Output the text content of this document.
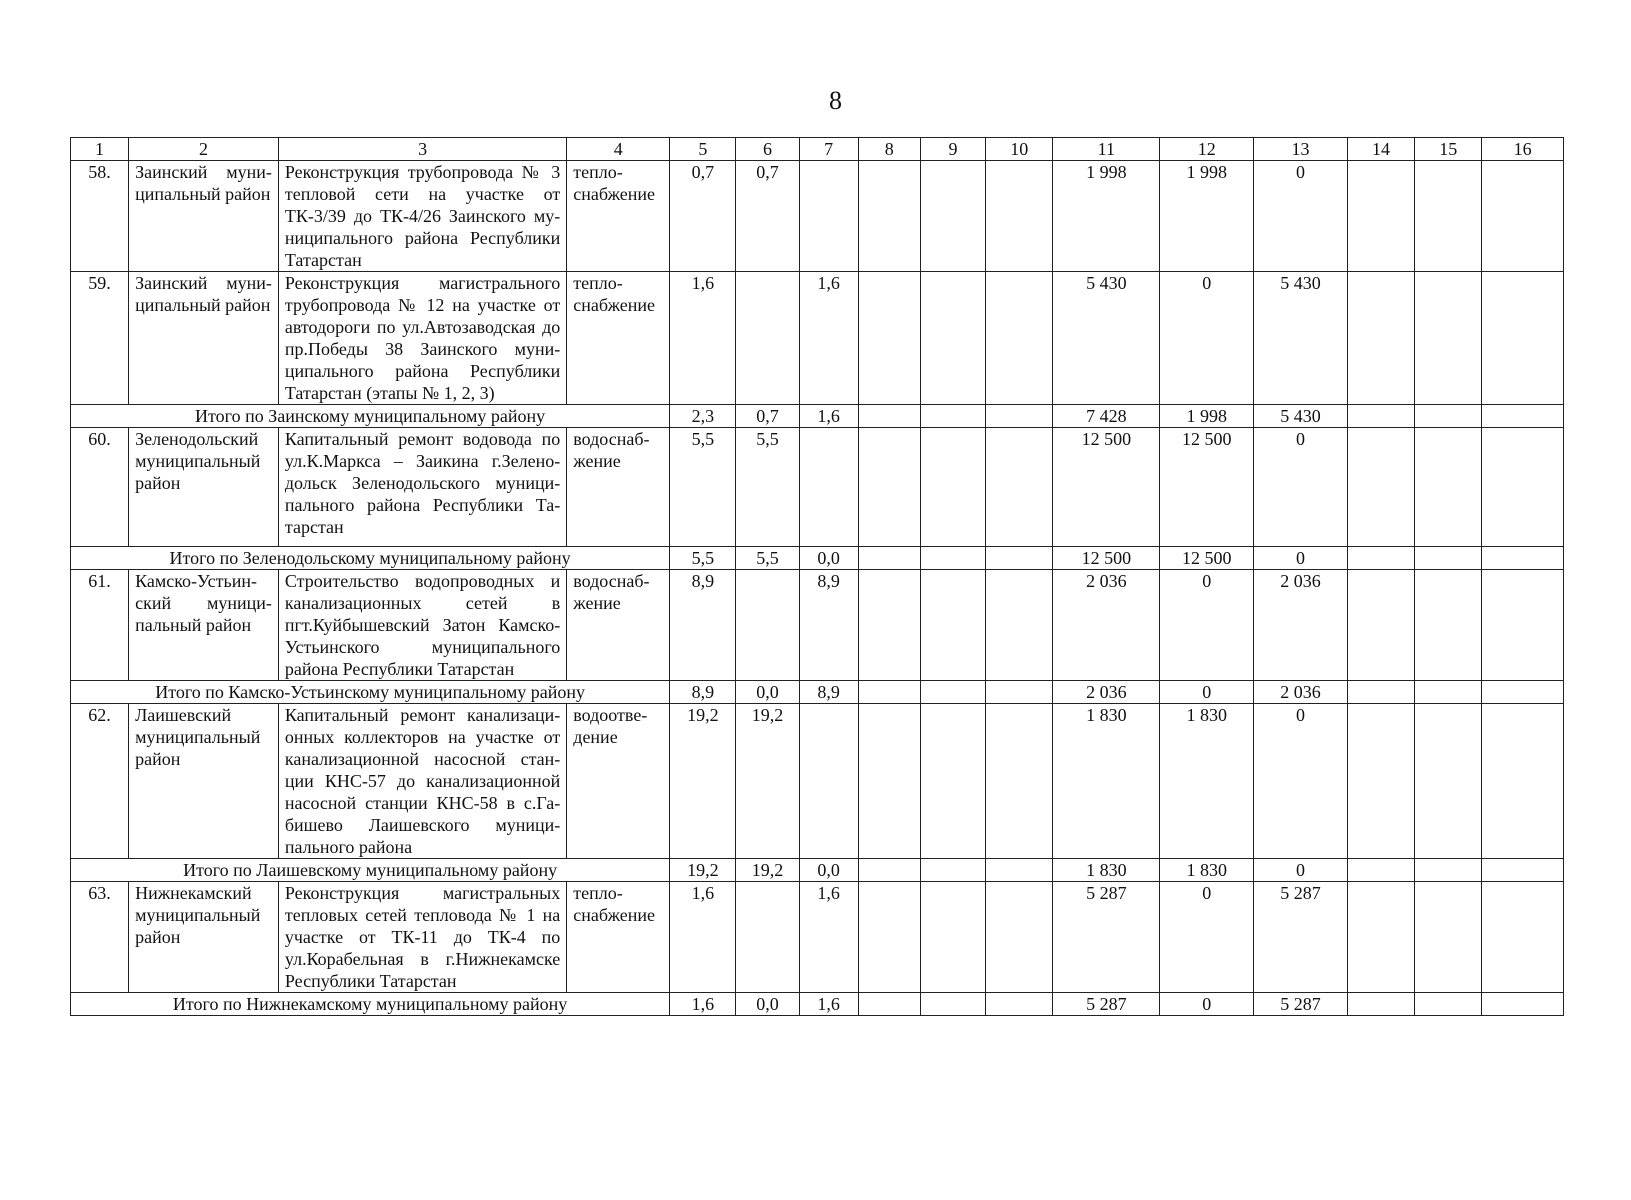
8
1	2	3	4	5	6	7	8	9	10	11	12	13	14	15	16
58.	Заинский муни-ципальный район	Реконструкция трубопровода № 3 тепловой сети на участке от ТК-3/39 до ТК-4/26 Заинского му-ниципального района Республики Татарстан	тепло-снабжение	0,7	0,7					1 998	1 998	0			
59.	Заинский муни-ципальный район	Реконструкция магистрального трубопровода № 12 на участке от автодороги по ул.Автозаводская до пр.Победы 38 Заинского муни-ципального района Республики Татарстан (этапы № 1, 2, 3)	тепло-снабжение	1,6		1,6				5 430	0	5 430			
Итого по Заинскому муниципальному району				2,3	0,7	1,6				7 428	1 998	5 430			
60.	Зеленодольский муниципальный район	Капитальный ремонт водовода по ул.К.Маркса – Заикина г.Зелено-дольск Зеленодольского муници-пального района Республики Та-тарстан	водоснаб-жение	5,5	5,5					12 500	12 500	0			
Итого по Зеленодольскому муниципальному району				5,5	5,5	0,0				12 500	12 500	0			
61.	Камско-Устьин-ский муници-пальный район	Строительство водопроводных и канализационных сетей в пгт.Куйбышевский Затон Камско-Устьинского муниципального района Республики Татарстан	водоснаб-жение	8,9		8,9				2 036	0	2 036			
Итого по Камско-Устьинскому муниципальному району				8,9	0,0	8,9				2 036	0	2 036			
62.	Лаишевский муниципальный район	Капитальный ремонт канализаци-онных коллекторов на участке от канализационной насосной стан-ции КНС-57 до канализационной насосной станции КНС-58 в с.Га-бишево Лаишевского муници-пального района	водоотве-дение	19,2	19,2					1 830	1 830	0			
Итого по Лаишевскому муниципальному району				19,2	19,2	0,0				1 830	1 830	0			
63.	Нижнекамский муниципальный район	Реконструкция магистральных тепловых сетей тепловода № 1 на участке от ТК-11 до ТК-4 по ул.Корабельная в г.Нижнекамске Республики Татарстан	тепло-снабжение	1,6		1,6				5 287	0	5 287			
Итого по Нижнекамскому муниципальному району				1,6	0,0	1,6				5 287	0	5 287			
